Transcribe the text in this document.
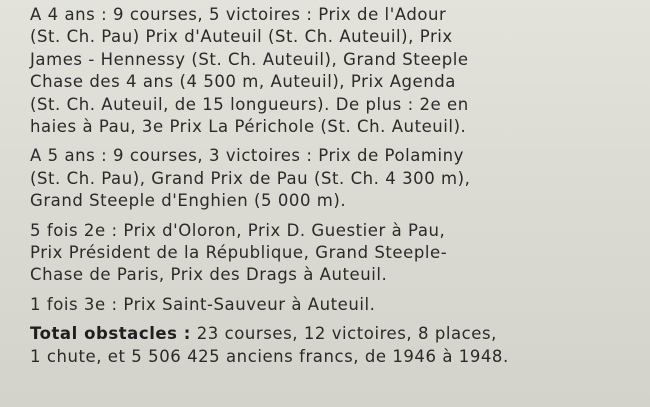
A 4 ans : 9 courses, 5 victoires : Prix de l'Adour
(St. Ch. Pau) Prix d'Auteuil (St. Ch. Auteuil), Prix
James - Hennessy (St. Ch. Auteuil), Grand Steeple
Chase des 4 ans (4 500 m, Auteuil), Prix Agenda
(St. Ch. Auteuil, de 15 longueurs). De plus : 2e en
haies à Pau, 3e Prix La Périchole (St. Ch. Auteuil).
A 5 ans : 9 courses, 3 victoires : Prix de Polaminy
(St. Ch. Pau), Grand Prix de Pau (St. Ch. 4 300 m),
Grand Steeple d'Enghien (5 000 m).
5 fois 2e : Prix d'Oloron, Prix D. Guestier à Pau,
Prix Président de la République, Grand Steeple-
Chase de Paris, Prix des Drags à Auteuil.
1 fois 3e : Prix Saint-Sauveur à Auteuil.
Total obstacles : 23 courses, 12 victoires, 8 places,
1 chute, et 5 506 425 anciens francs, de 1946 à 1948.
